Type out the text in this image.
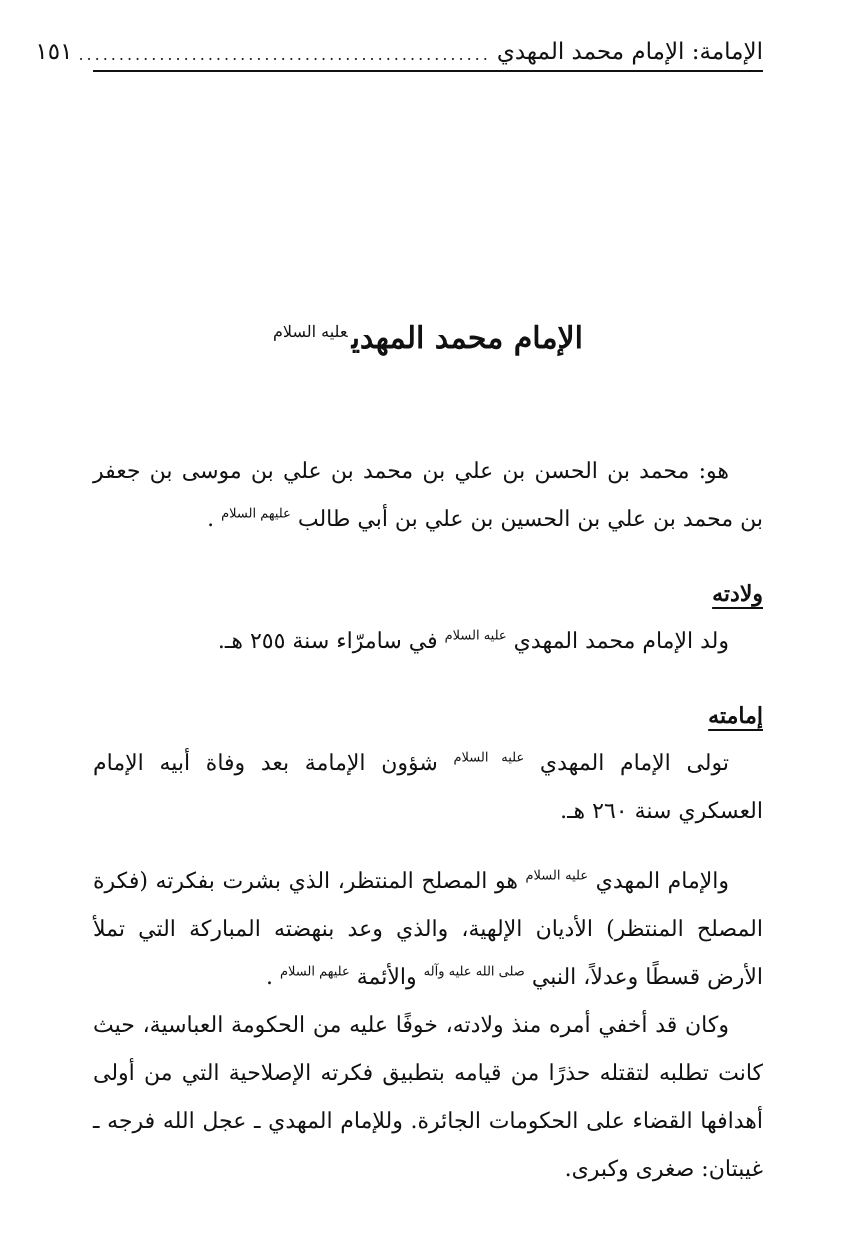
الإمامة: الإمام محمد المهدي
...................................................
١٥١
الإمام محمد المهدي$^{عليه السلام}$

هو: محمد بن الحسن بن علي بن محمد بن علي بن موسى بن جعفر بن محمد بن علي بن الحسين بن علي بن أبي طالب $^{عليهم السلام}$ .

ولادته

ولد الإمام محمد المهدي $^{عليه السلام}$ في سامرّاء سنة ٢٥٥ هـ.

إمامته

تولى الإمام المهدي $^{عليه السلام}$ شؤون الإمامة بعد وفاة أبيه الإمام العسكري سنة ٢٦٠ هـ.

والإمام المهدي $^{عليه السلام}$ هو المصلح المنتظر، الذي بشرت بفكرته (فكرة المصلح المنتظر) الأديان الإلهية، والذي وعد بنهضته المباركة التي تملأ الأرض قسطًا وعدلاً، النبي $^{صلى الله عليه وآله}$ والأئمة $^{عليهم السلام}$ .

وكان قد أخفي أمره منذ ولادته، خوفًا عليه من الحكومة العباسية، حيث كانت تطلبه لتقتله حذرًا من قيامه بتطبيق فكرته الإصلاحية التي من أولى أهدافها القضاء على الحكومات الجائرة. وللإمام المهدي ـ عجل الله فرجه ـ غيبتان: صغرى وكبرى.
